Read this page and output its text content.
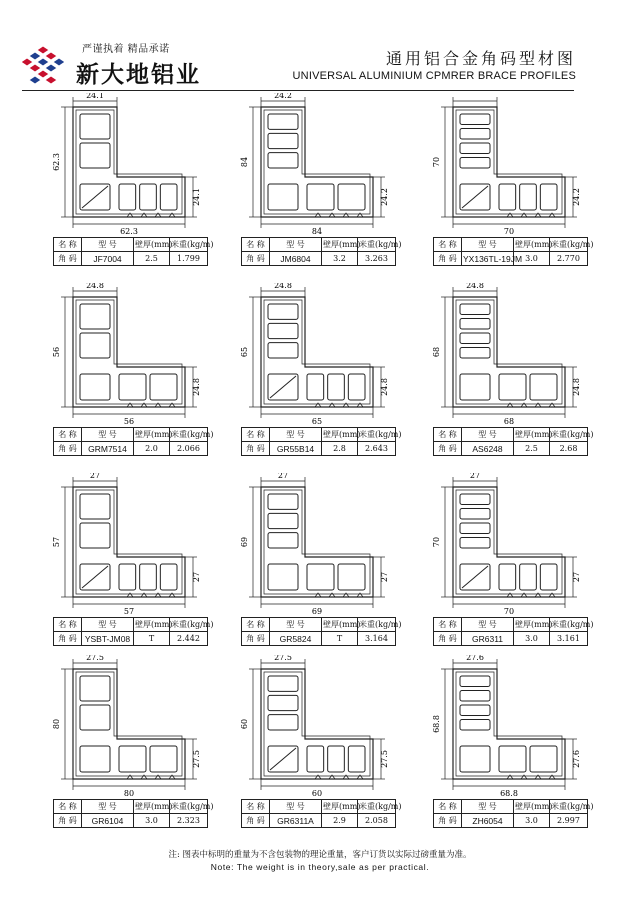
严谨执着 精品承诺
新大地铝业
通用铝合金角码型材图
UNIVERSAL ALUMINIUM CPMRER BRACE PROFILES
24.1
62.3
24.1
62.3
名 称	型 号	壁厚(mm)	米重(kg/m)
角 码	JF7004	2.5	1.799
24.2
84
24.2
84
名 称	型 号	壁厚(mm)	米重(kg/m)
角 码	JM6804	3.2	3.263
70
24.2
70
名 称	型 号	壁厚(mm)	米重(kg/m)
角 码	YX136TL-19JM	3.0	2.770
24.8
56
24.8
56
名 称	型 号	壁厚(mm)	米重(kg/m)
角 码	GRM7514	2.0	2.066
24.8
65
24.8
65
名 称	型 号	壁厚(mm)	米重(kg/m)
角 码	GR55B14	2.8	2.643
24.8
68
24.8
68
名 称	型 号	壁厚(mm)	米重(kg/m)
角 码	AS6248	2.5	2.68
27
57
27
57
名 称	型 号	壁厚(mm)	米重(kg/m)
角 码	YSBT-JM08	T	2.442
27
69
27
69
名 称	型 号	壁厚(mm)	米重(kg/m)
角 码	GR5824	T	3.164
27
70
27
70
名 称	型 号	壁厚(mm)	米重(kg/m)
角 码	GR6311	3.0	3.161
27.5
80
27.5
80
名 称	型 号	壁厚(mm)	米重(kg/m)
角 码	GR6104	3.0	2.323
27.5
60
27.5
60
名 称	型 号	壁厚(mm)	米重(kg/m)
角 码	GR6311A	2.9	2.058
27.6
68.8
27.6
68.8
名 称	型 号	壁厚(mm)	米重(kg/m)
角 码	ZH6054	3.0	2.997
注: 图表中标明的重量为不含包装物的理论重量，客户订货以实际过磅重量为准。
Note: The weight is in theory,sale as per practical.
